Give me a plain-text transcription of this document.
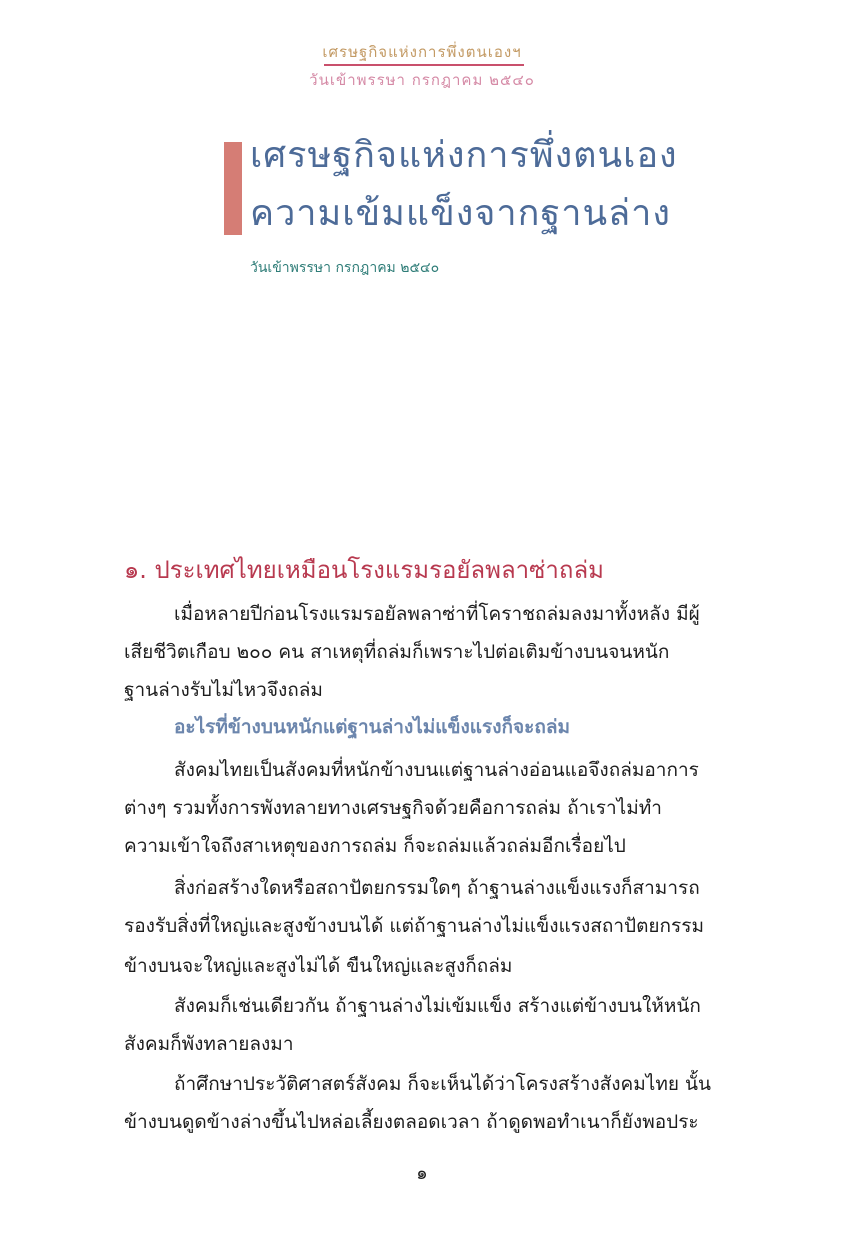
เศรษฐกิจแห่งการพึ่งตนเองฯ
วันเข้าพรรษา กรกฎาคม ๒๕๔๐
เศรษฐกิจแห่งการพึ่งตนเอง
ความเข้มแข็งจากฐานล่าง
วันเข้าพรรษา กรกฎาคม ๒๕๔๐
๑. ประเทศไทยเหมือนโรงแรมรอยัลพลาซ่าถล่ม
เมื่อหลายปีก่อนโรงแรมรอยัลพลาซ่าที่โคราชถล่มลงมาทั้งหลัง มีผู้
เสียชีวิตเกือบ ๒๐๐ คน สาเหตุที่ถล่มก็เพราะไปต่อเติมข้างบนจนหนัก
ฐานล่างรับไม่ไหวจึงถล่ม
อะไรที่ข้างบนหนักแต่ฐานล่างไม่แข็งแรงก็จะถล่ม
สังคมไทยเป็นสังคมที่หนักข้างบนแต่ฐานล่างอ่อนแอจึงถล่มอาการ
ต่างๆ รวมทั้งการพังทลายทางเศรษฐกิจด้วยคือการถล่ม ถ้าเราไม่ทำ
ความเข้าใจถึงสาเหตุของการถล่ม ก็จะถล่มแล้วถล่มอีกเรื่อยไป
สิ่งก่อสร้างใดหรือสถาปัตยกรรมใดๆ ถ้าฐานล่างแข็งแรงก็สามารถ
รองรับสิ่งที่ใหญ่และสูงข้างบนได้ แต่ถ้าฐานล่างไม่แข็งแรงสถาปัตยกรรม
ข้างบนจะใหญ่และสูงไม่ได้ ขืนใหญ่และสูงก็ถล่ม
สังคมก็เช่นเดียวกัน ถ้าฐานล่างไม่เข้มแข็ง สร้างแต่ข้างบนให้หนัก
สังคมก็พังทลายลงมา
ถ้าศึกษาประวัติศาสตร์สังคม ก็จะเห็นได้ว่าโครงสร้างสังคมไทย นั้น
ข้างบนดูดข้างล่างขึ้นไปหล่อเลี้ยงตลอดเวลา ถ้าดูดพอทำเนาก็ยังพอประ
๑
